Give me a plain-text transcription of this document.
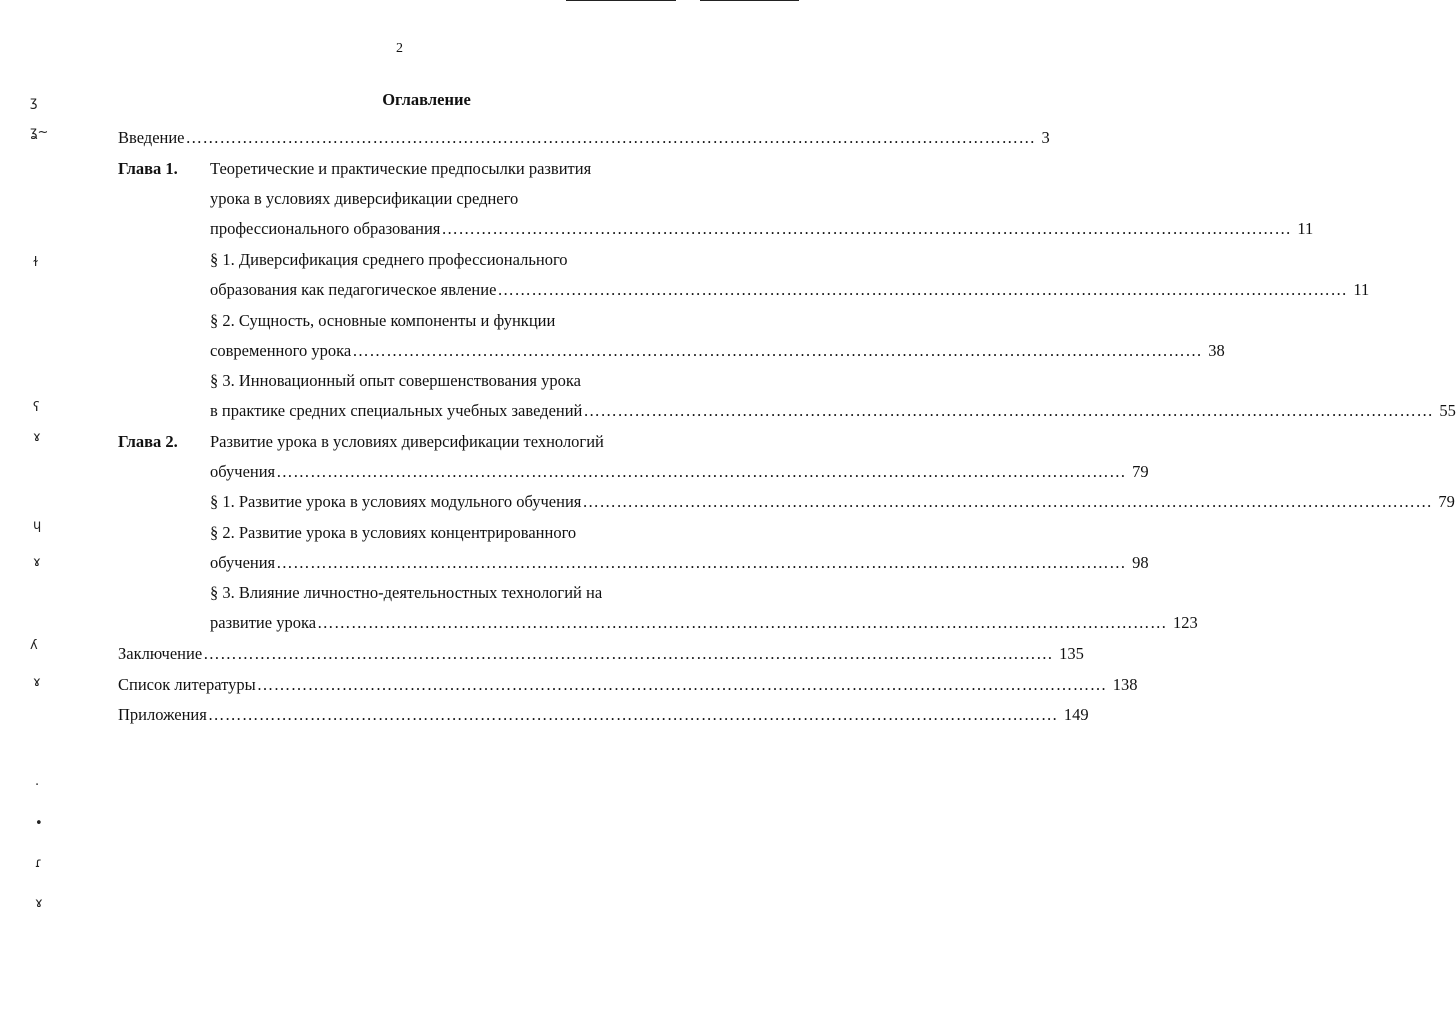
2
Оглавление
Введение …………………………………………………………………………………………………………………………………… 3
Глава 1. Теоретические и практические предпосылки развития
урока в условиях диверсификации среднего
профессионального образования …………………………………………………………………………………………………………………………………… 11
§ 1. Диверсификация среднего профессионального
образования как педагогическое явление …………………………………………………………………………………………………………………………………… 11
§ 2. Сущность, основные компоненты и функции
современного урока …………………………………………………………………………………………………………………………………… 38
§ 3. Инновационный опыт совершенствования урока
в практике средних специальных учебных заведений …………………………………………………………………………………………………………………………………… 55
Глава 2. Развитие урока в условиях диверсификации технологий
обучения …………………………………………………………………………………………………………………………………… 79
§ 1. Развитие урока в условиях модульного обучения …………………………………………………………………………………………………………………………………… 79
§ 2. Развитие урока в условиях концентрированного
обучения …………………………………………………………………………………………………………………………………… 98
§ 3. Влияние личностно-деятельностных технологий на
развитие урока …………………………………………………………………………………………………………………………………… 123
Заключение …………………………………………………………………………………………………………………………………… 135
Список литературы …………………………………………………………………………………………………………………………………… 138
Приложения …………………………………………………………………………………………………………………………………… 149
ʒ
ʓ~
ɫ
ʕ
ɤ
ɥ
ɤ
ʎ
ɤ
·
•
ɾ
ɤ
